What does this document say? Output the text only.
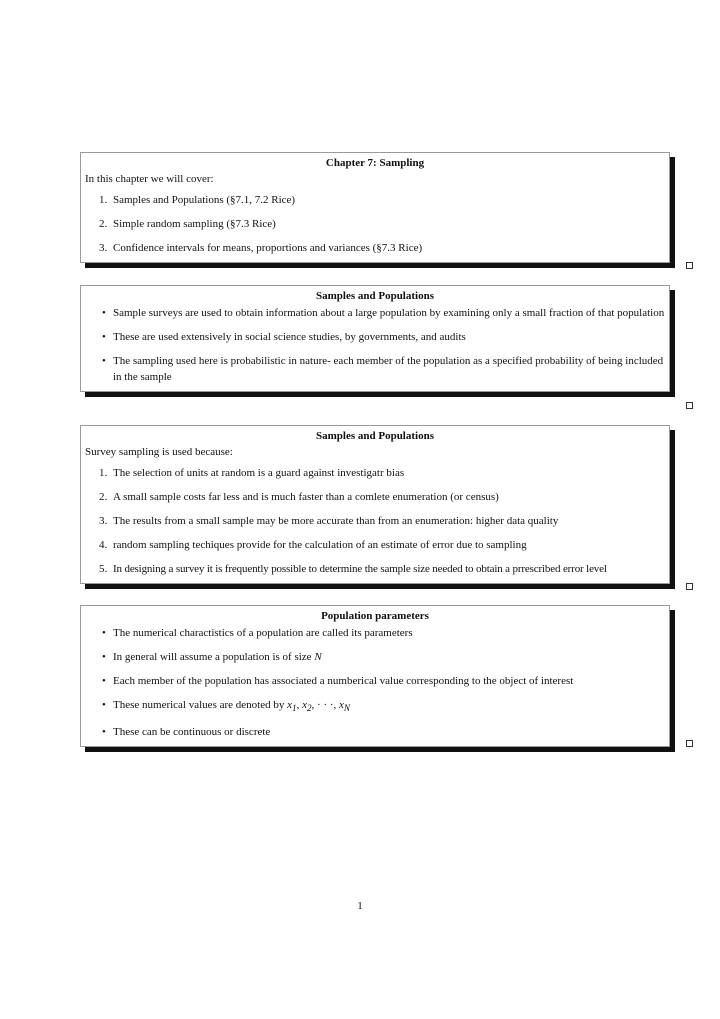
Chapter 7: Sampling
In this chapter we will cover:
1. Samples and Populations (§7.1, 7.2 Rice)
2. Simple random sampling (§7.3 Rice)
3. Confidence intervals for means, proportions and variances (§7.3 Rice)
Samples and Populations
• Sample surveys are used to obtain information about a large population by examining only a small fraction of that population
• These are used extensively in social science studies, by governments, and audits
• The sampling used here is probabilistic in nature- each member of the population as a specified probability of being included in the sample
Samples and Populations
Survey sampling is used because:
1. The selection of units at random is a guard against investigatr bias
2. A small sample costs far less and is much faster than a comlete enumeration (or census)
3. The results from a small sample may be more accurate than from an enumeration: higher data quality
4. random sampling techiques provide for the calculation of an estimate of error due to sampling
5. In designing a survey it is frequently possible to determine the sample size needed to obtain a prrescribed error level
Population parameters
• The numerical charactistics of a population are called its parameters
• In general will assume a population is of size N
• Each member of the population has associated a numberical value corresponding to the object of interest
• These numerical values are denoted by $x_1$, $x_2$, · · ·, $x_N$
• These can be continuous or discrete
1
